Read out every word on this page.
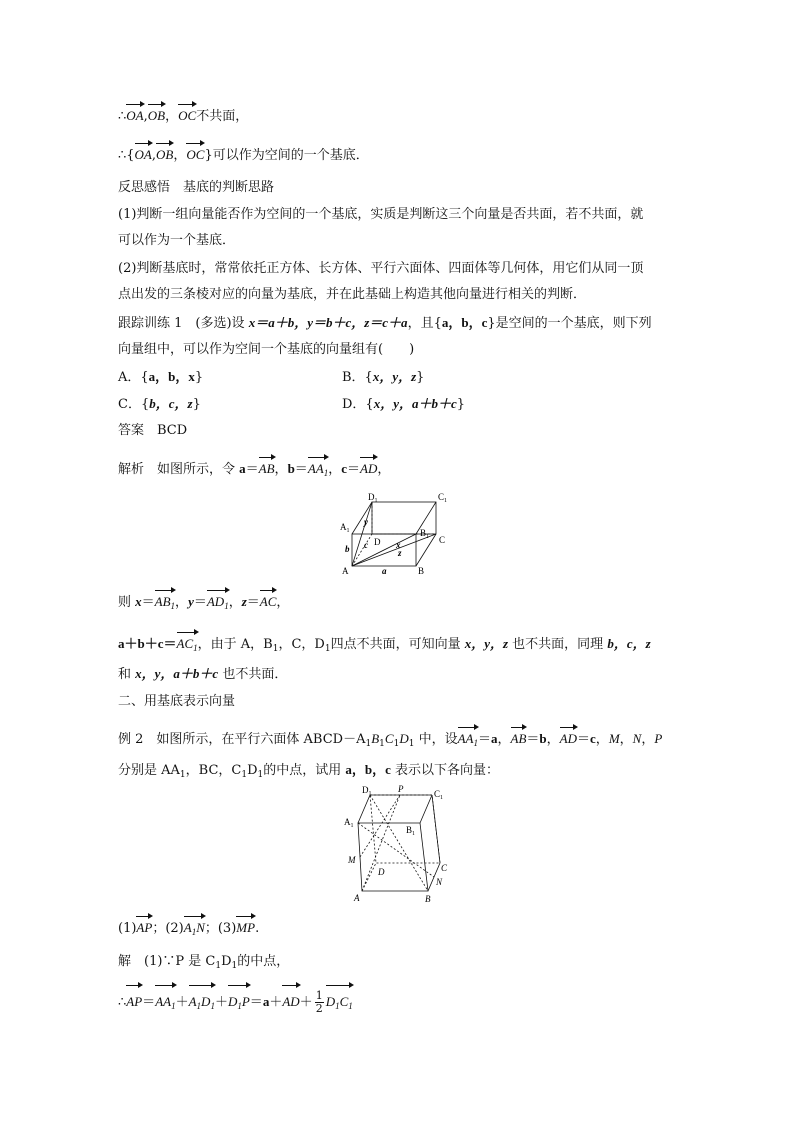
∴OA,OB，OC不共面，
∴{OA,OB，OC}可以作为空间的一个基底．
反思感悟　基底的判断思路
(1)判断一组向量能否作为空间的一个基底，实质是判断这三个向量是否共面，若不共面，就
可以作为一个基底．
(2)判断基底时，常常依托正方体、长方体、平行六面体、四面体等几何体，用它们从同一顶
点出发的三条棱对应的向量为基底，并在此基础上构造其他向量进行相关的判断．
跟踪训练 1　(多选)设 x＝a＋b，y＝b＋c，z＝c＋a，且{a，b，c}是空间的一个基底，则下列
向量组中，可以作为空间一个基底的向量组有(　　)
A．{a，b，x}	B．{x，y，z}
C．{b，c，z}	D．{x，y，a＋b＋c}
答案　BCD
解析　如图所示，令 a＝AB，$b=AA_1$，c＝AD，
$D_1$	$C_1$
$A_1$	$B_1$
A	B
C
D
a
b c	x
y
z
则 $x=AB_1$，$y=AD_1$，z＝AC，
$a+b+c=AC_1$，由于 A，$B_1$，C，$D_1$四点不共面，可知向量 x，y，z 也不共面，同理 b，c，z
和 x，y，a＋b＋c 也不共面．
二、用基底表示向量
例 2　如图所示，在平行六面体 $ABCD-A_1B_1C_1D_1$ 中，设$AA_1=a$，AB＝b，AD＝c，M，N，P
分别是 $AA_1$，BC，$C_1D_1$的中点，试用 a，b，c 表示以下各向量：
$D_1$	P	$C_1$
$A_1$	$B_1$
M
D	C
N
A	B
(1)AP；$(2)A_1N$；(3)MP.
解　(1)∵P 是 $C_1D_1$的中点，
$\therefore AP=AA_1+A_1D_1+D_1P=a+AD+ \frac{1}{2} D_1C_1$
